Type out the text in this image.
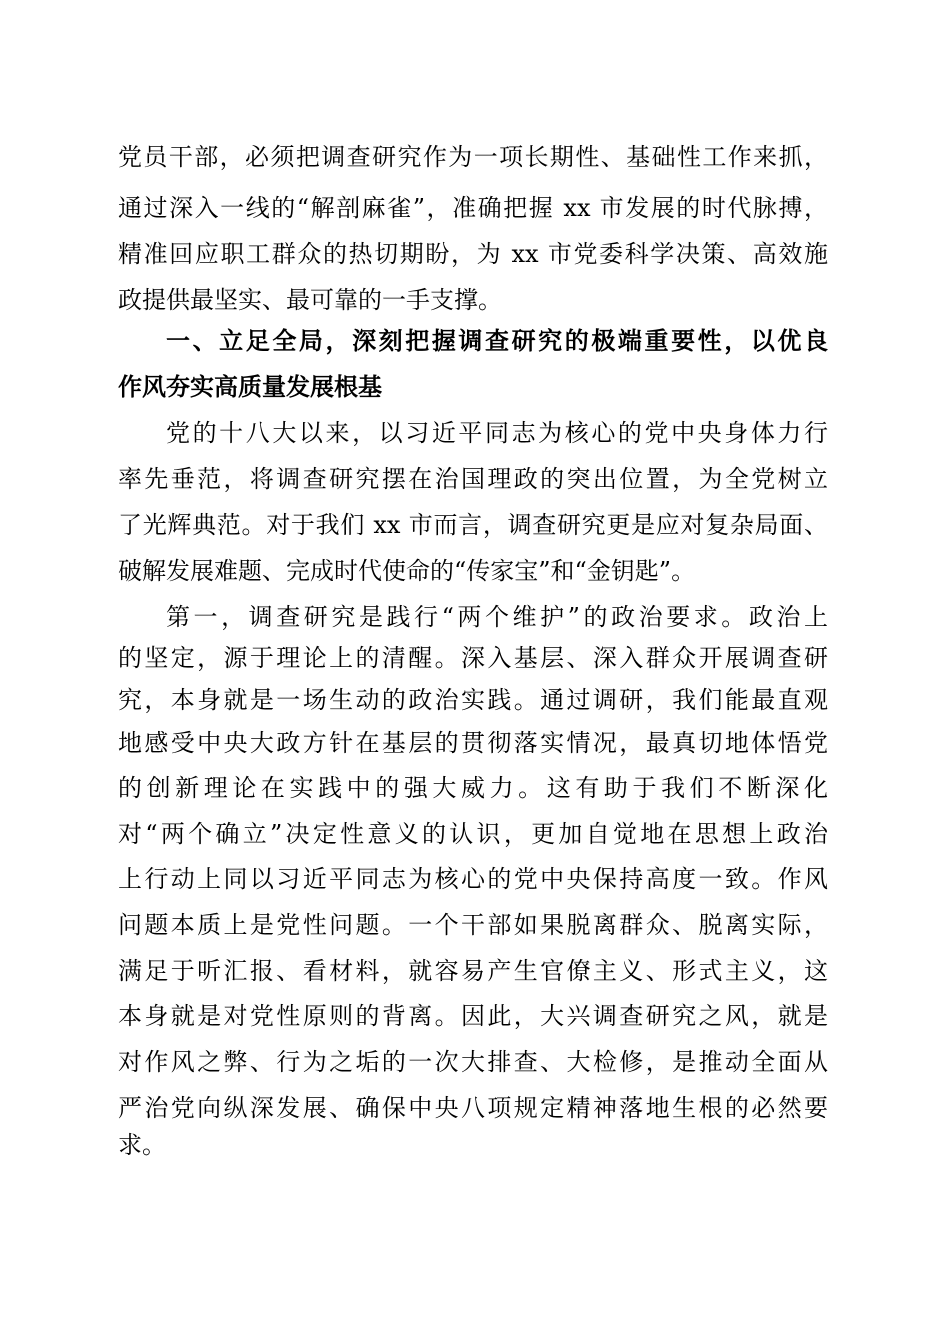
党员干部，必须把调查研究作为一项长期性、基础性工作来抓，
通过深入一线的“解剖麻雀”，准确把握 xx 市发展的时代脉搏，
精准回应职工群众的热切期盼，为 xx 市党委科学决策、高效施
政提供最坚实、最可靠的一手支撑。
一、立足全局，深刻把握调查研究的极端重要性，以优良
作风夯实高质量发展根基
党的十八大以来，以习近平同志为核心的党中央身体力行
率先垂范，将调查研究摆在治国理政的突出位置，为全党树立
了光辉典范。对于我们 xx 市而言，调查研究更是应对复杂局面、
破解发展难题、完成时代使命的“传家宝”和“金钥匙”。
第一，调查研究是践行“两个维护”的政治要求。政治上
的坚定，源于理论上的清醒。深入基层、深入群众开展调查研
究，本身就是一场生动的政治实践。通过调研，我们能最直观
地感受中央大政方针在基层的贯彻落实情况，最真切地体悟党
的创新理论在实践中的强大威力。这有助于我们不断深化
对“两个确立”决定性意义的认识，更加自觉地在思想上政治
上行动上同以习近平同志为核心的党中央保持高度一致。作风
问题本质上是党性问题。一个干部如果脱离群众、脱离实际，
满足于听汇报、看材料，就容易产生官僚主义、形式主义，这
本身就是对党性原则的背离。因此，大兴调查研究之风，就是
对作风之弊、行为之垢的一次大排查、大检修，是推动全面从
严治党向纵深发展、确保中央八项规定精神落地生根的必然要
求。
